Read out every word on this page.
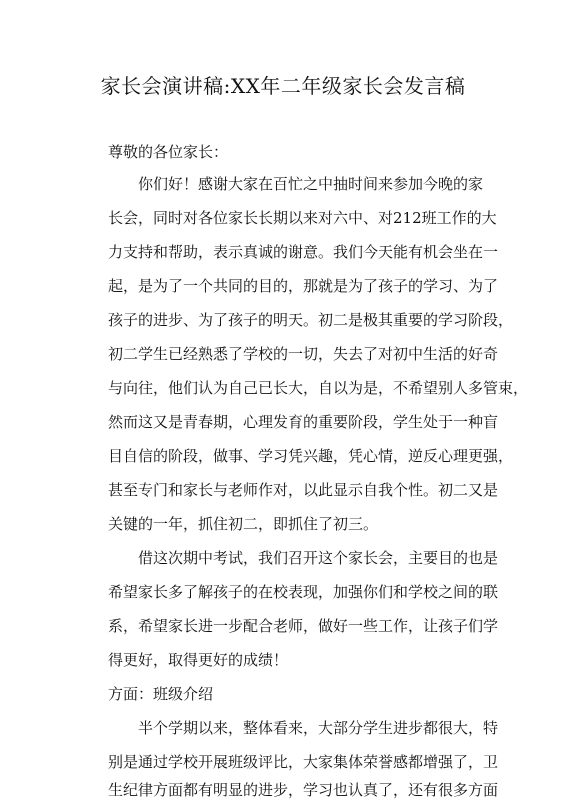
家长会演讲稿:XX年二年级家长会发言稿
尊敬的各位家长：
你们好！感谢大家在百忙之中抽时间来参加今晚的家
长会，同时对各位家长长期以来对六中、对212班工作的大
力支持和帮助，表示真诚的谢意。我们今天能有机会坐在一
起，是为了一个共同的目的，那就是为了孩子的学习、为了
孩子的进步、为了孩子的明天。初二是极其重要的学习阶段，
初二学生已经熟悉了学校的一切，失去了对初中生活的好奇
与向往，他们认为自己已长大，自以为是，不希望别人多管束，
然而这又是青春期，心理发育的重要阶段，学生处于一种盲
目自信的阶段，做事、学习凭兴趣，凭心情，逆反心理更强，
甚至专门和家长与老师作对，以此显示自我个性。初二又是
关键的一年，抓住初二，即抓住了初三。
借这次期中考试，我们召开这个家长会，主要目的也是
希望家长多了解孩子的在校表现，加强你们和学校之间的联
系，希望家长进一步配合老师，做好一些工作，让孩子们学
得更好，取得更好的成绩！
方面：班级介绍
半个学期以来，整体看来，大部分学生进步都很大，特
别是通过学校开展班级评比，大家集体荣誉感都增强了，卫
生纪律方面都有明显的进步，学习也认真了，还有很多方面
